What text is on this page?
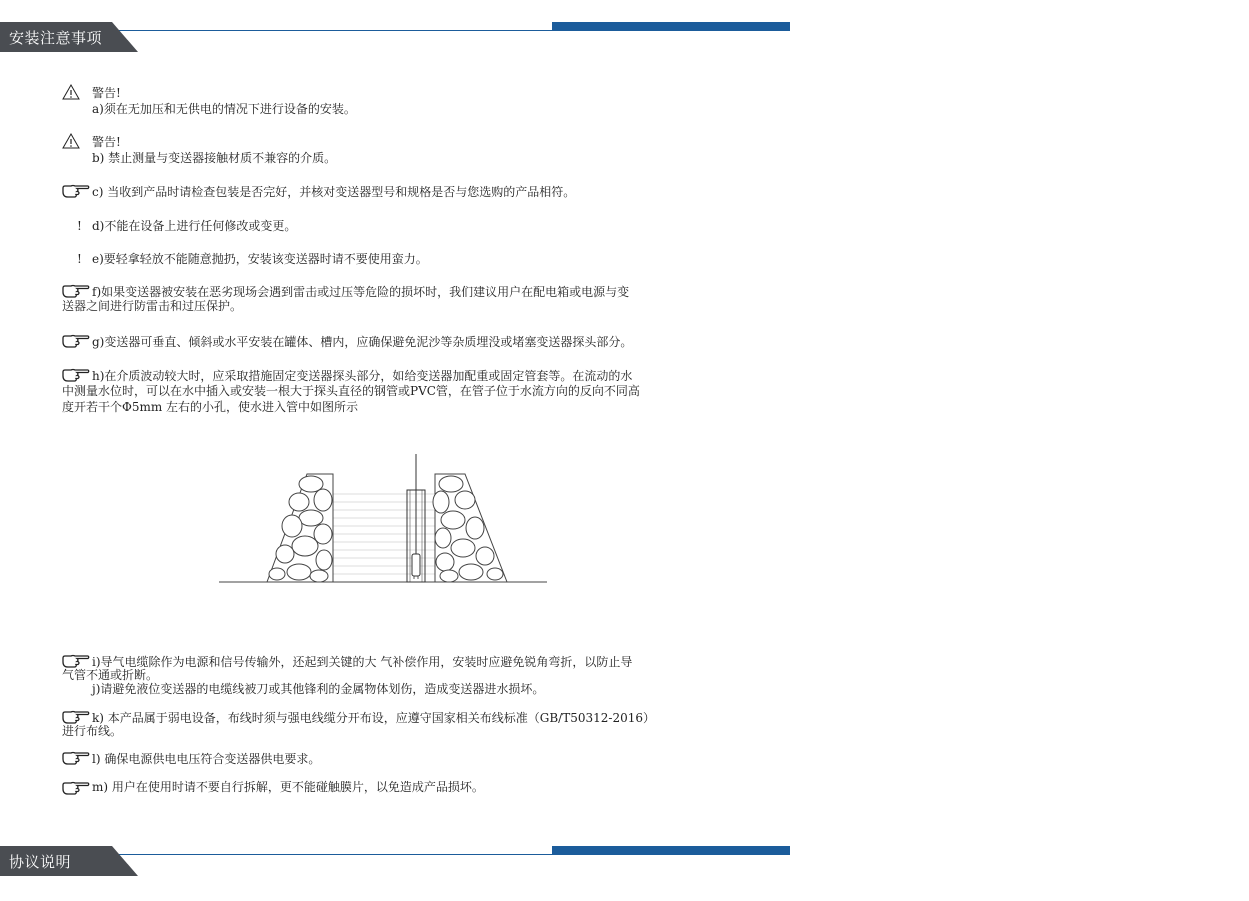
厦门宏控仪表 电话400-0592-364
安装注意事项
警告!
a)须在无加压和无供电的情况下进行设备的安装。
警告!
b) 禁止测量与变送器接触材质不兼容的介质。
c) 当收到产品时请检查包装是否完好，并核对变送器型号和规格是否与您选购的产品相符。
! d)不能在设备上进行任何修改或变更。
! e)要轻拿轻放不能随意抛扔，安装该变送器时请不要使用蛮力。
f)如果变送器被安装在恶劣现场会遇到雷击或过压等危险的损坏时，我们建议用户在配电箱或电源与变
送器之间进行防雷击和过压保护。
g)变送器可垂直、倾斜或水平安装在罐体、槽内，应确保避免泥沙等杂质埋没或堵塞变送器探头部分。
h)在介质波动较大时，应采取措施固定变送器探头部分，如给变送器加配重或固定管套等。在流动的水
中测量水位时，可以在水中插入或安装一根大于探头直径的钢管或PVC管，在管子位于水流方向的反向不同高
度开若干个Φ5mm 左右的小孔，使水进入管中如图所示
i)导气电缆除作为电源和信号传输外，还起到关键的大 气补偿作用，安装时应避免锐角弯折，以防止导
气管不通或折断。
j)请避免液位变送器的电缆线被刀或其他锋利的金属物体划伤，造成变送器进水损坏。
k) 本产品属于弱电设备，布线时须与强电线缆分开布设，应遵守国家相关布线标准（GB/T50312-2016）
进行布线。
l) 确保电源供电电压符合变送器供电要求。
m) 用户在使用时请不要自行拆解，更不能碰触膜片，以免造成产品损坏。
厦门宏控仪表 电话400-0592-364
协议说明
